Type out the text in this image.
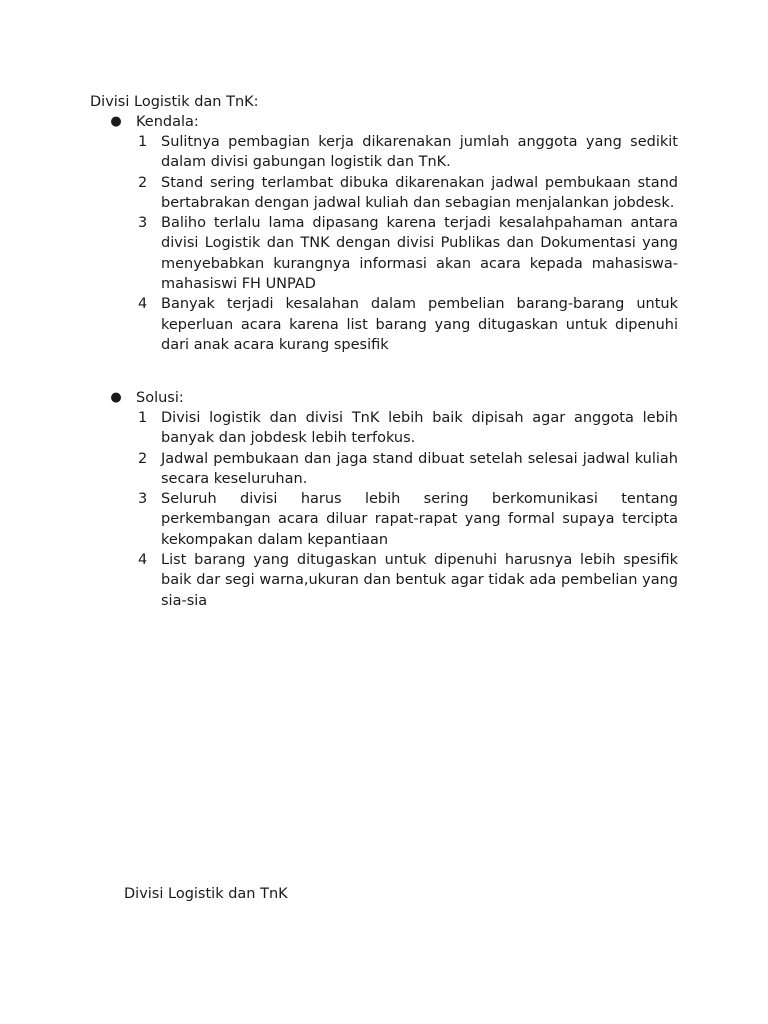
Divisi Logistik dan TnK:
● Kendala:
1 Sulitnya pembagian kerja dikarenakan jumlah anggota yang sedikit dalam divisi gabungan logistik dan TnK.
2 Stand sering terlambat dibuka dikarenakan jadwal pembukaan stand bertabrakan dengan jadwal kuliah dan sebagian menjalankan jobdesk.
3 Baliho terlalu lama dipasang karena terjadi kesalahpahaman antara divisi Logistik dan TNK dengan divisi Publikas dan Dokumentasi yang menyebabkan kurangnya informasi akan acara kepada mahasiswa-mahasiswi FH UNPAD
4 Banyak terjadi kesalahan dalam pembelian barang-barang untuk keperluan acara karena list barang yang ditugaskan untuk dipenuhi dari anak acara kurang spesifik
● Solusi:
1 Divisi logistik dan divisi TnK lebih baik dipisah agar anggota lebih banyak dan jobdesk lebih terfokus.
2 Jadwal pembukaan dan jaga stand dibuat setelah selesai jadwal kuliah secara keseluruhan.
3 Seluruh divisi harus lebih sering berkomunikasi tentang perkembangan acara diluar rapat-rapat yang formal supaya tercipta kekompakan dalam kepantiaan
4 List barang yang ditugaskan untuk dipenuhi harusnya lebih spesifik baik dar segi warna,ukuran dan bentuk agar tidak ada pembelian yang sia-sia
Divisi Logistik dan TnK
